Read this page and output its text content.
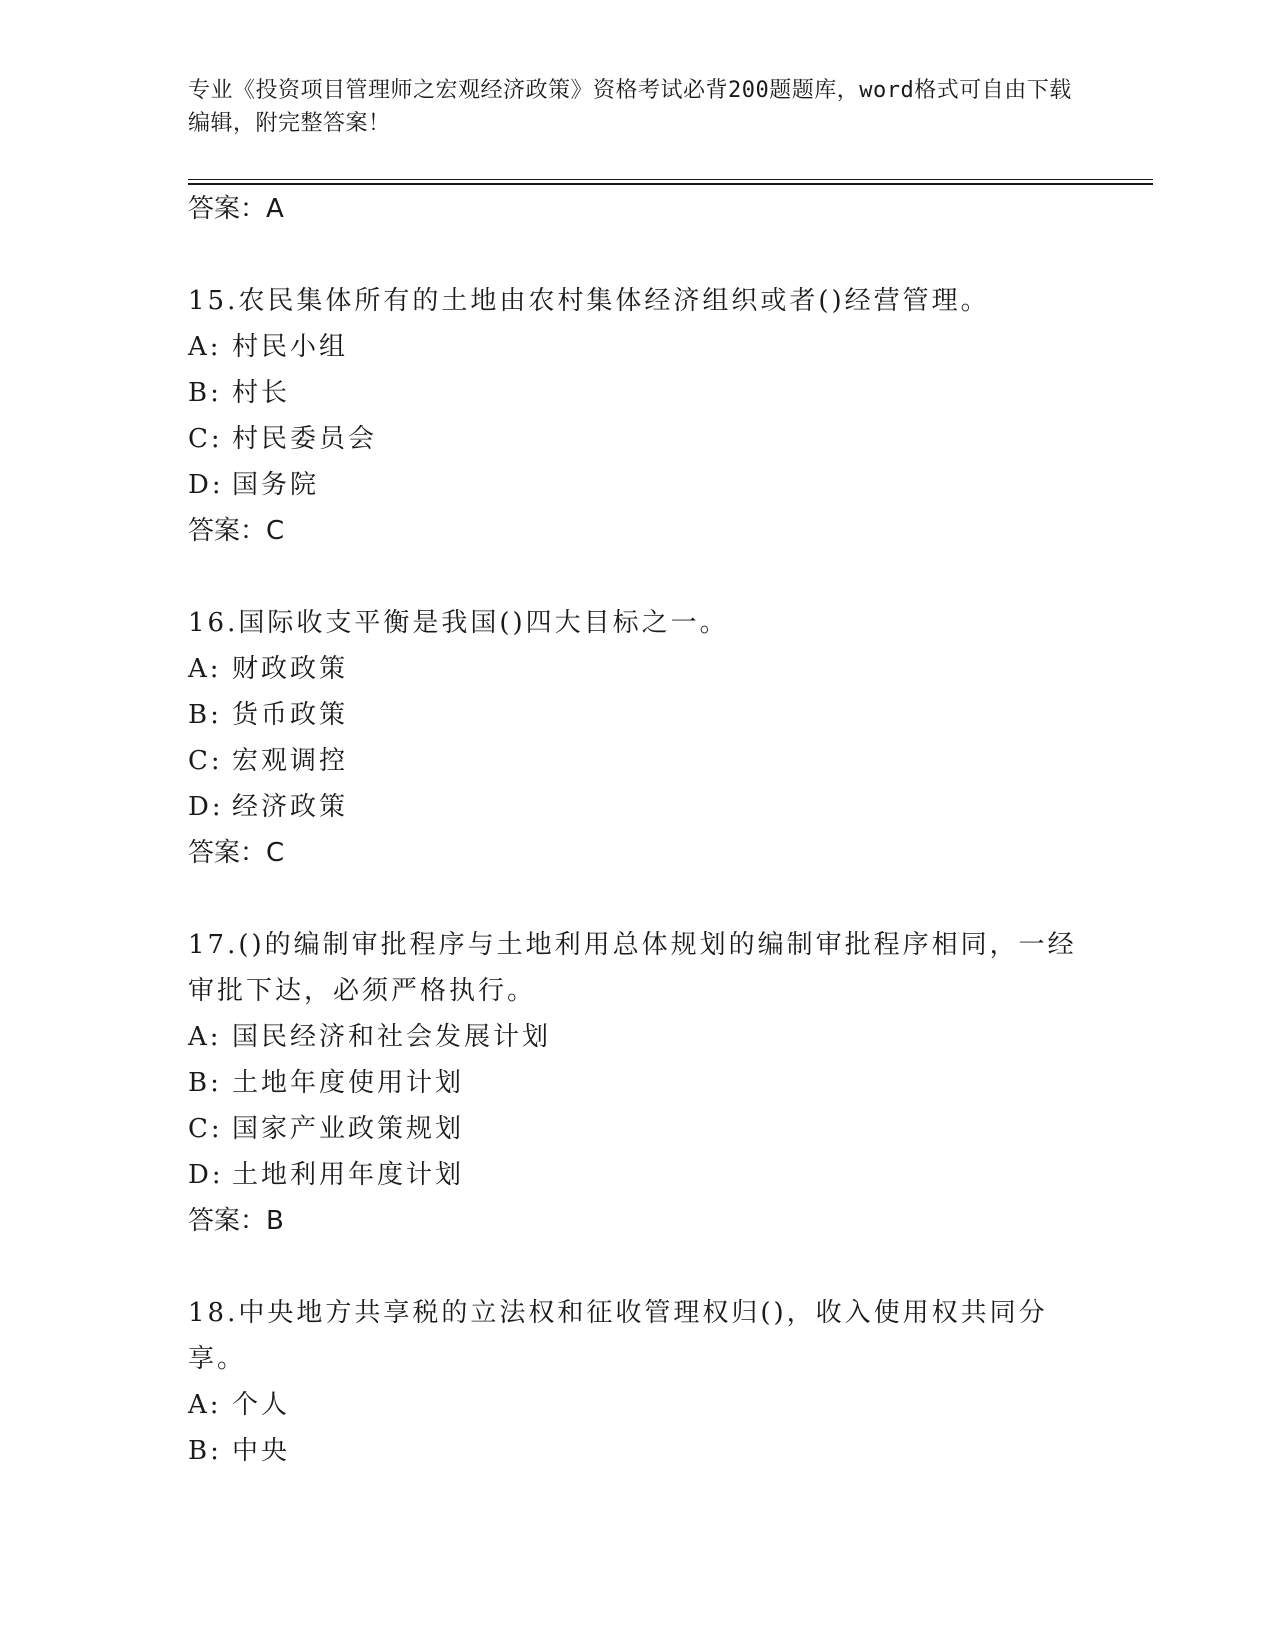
专业《投资项目管理师之宏观经济政策》资格考试必背200题题库，word格式可自由下载编辑，附完整答案！
答案：A
15.农民集体所有的土地由农村集体经济组织或者()经营管理。
A: 村民小组
B: 村长
C: 村民委员会
D: 国务院
答案：C
16.国际收支平衡是我国()四大目标之一。
A: 财政政策
B: 货币政策
C: 宏观调控
D: 经济政策
答案：C
17.()的编制审批程序与土地利用总体规划的编制审批程序相同，一经审批下达，必须严格执行。
A: 国民经济和社会发展计划
B: 土地年度使用计划
C: 国家产业政策规划
D: 土地利用年度计划
答案：B
18.中央地方共享税的立法权和征收管理权归()，收入使用权共同分享。
A: 个人
B: 中央
